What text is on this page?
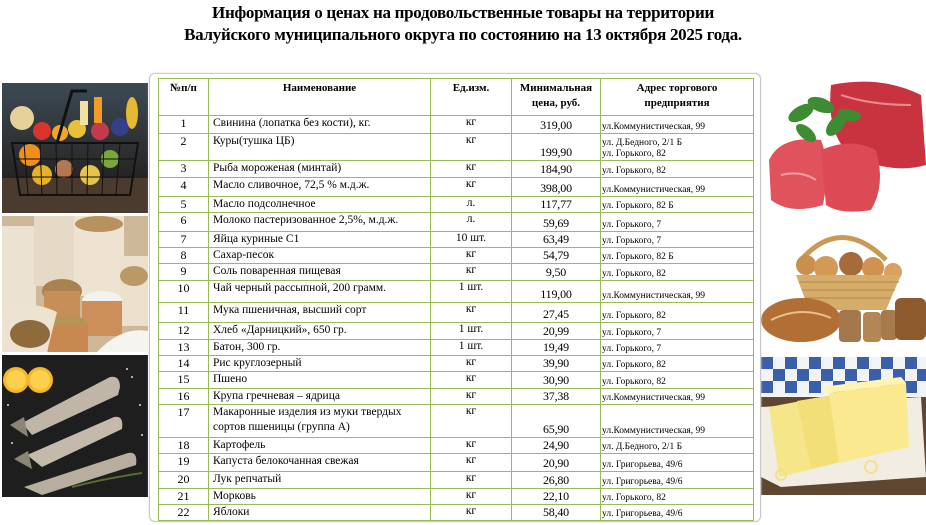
Информация о ценах на продовольственные товары на территории
Валуйского муниципального округа по состоянию на 13 октября 2025 года.
№п/п	Наименование	Ед.изм.	Минимальная цена, руб.	Адрес торгового предприятия
1	Свинина (лопатка без кости), кг.	кг	319,00	ул.Коммунистическая, 99

2	Куры(тушка ЦБ)	кг	199,90	ул. Д.Бедного, 2/1 Б
ул. Горького, 82

3	Рыба мороженая (минтай)	кг	184,90	ул. Горького, 82

4	Масло сливочное, 72,5 % м.д.ж.	кг	398,00	ул.Коммунистическая, 99

5	Масло подсолнечное	л.	117,77	ул. Горького, 82 Б

6	Молоко пастеризованное 2,5%, м.д.ж.	л.	59,69	ул. Горького, 7

7	Яйца куриные С1	10 шт.	63,49	ул. Горького, 7

8	Сахар-песок	кг	54,79	ул. Горького, 82 Б

9	Соль поваренная пищевая	кг	9,50	ул. Горького, 82

10	Чай черный рассыпной, 200 грамм.	1 шт.	119,00	ул.Коммунистическая, 99

11	Мука пшеничная, высший сорт	кг	27,45	ул. Горького, 82

12	Хлеб «Дарницкий», 650 гр.	1 шт.	20,99	ул. Горького, 7

13	Батон, 300 гр.	1 шт.	19,49	ул. Горького, 7

14	Рис круглозерный	кг	39,90	ул. Горького, 82

15	Пшено	кг	30,90	ул. Горького, 82

16	Крупа гречневая – ядрица	кг	37,38	ул.Коммунистическая, 99

17	Макаронные изделия из муки твердых
сортов пшеницы (группа А)	кг	65,90	ул.Коммунистическая, 99

18	Картофель	кг	24,90	ул. Д.Бедного, 2/1 Б

19	Капуста белокочанная свежая	кг	20,90	ул. Григорьева, 49/6

20	Лук репчатый	кг	26,80	ул. Григорьева, 49/6

21	Морковь	кг	22,10	ул. Горького, 82

22	Яблоки	кг	58,40	ул. Григорьева, 49/6
